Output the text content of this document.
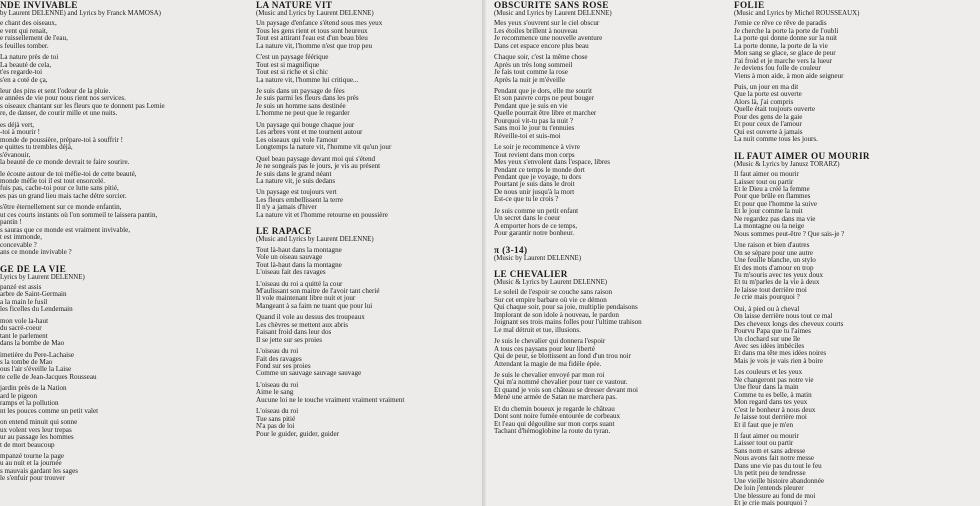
NDE INVIVABLE
by Laurent DELENNE) and Lyrics by Franck MAMOSA)
e chant des oiseaux,
e vent qui renait,
e ruissellement de l'eau,
s feuilles tomber.
La nature près de toi
La beauté de cela,
t'es regarde-toi
s'en a coté de ça,
leur des pins et sent l'odeur de la pluie.
e années de vie pour nous rient nos services.
s oiseaux chantant sur les fleurs que te donnent pas Lemie
re, de danser, de courir mille et une nuits.
es déjà vert,
-toi à mourir !
monde de poussière, prépare-toi à souffrir !
e quittes tu trembles déjà,
s'évanouir,
la beauté de ce monde devrait te faire sourire.
le écoute autour de toi méfie-toi de cette beauté,
monde méfie toi il est tout ensorcelé.
fuis pas, cache-toi pour ce lutte sans pitié,
es pas un grand lieu mais tache détre sorcier.
s'être éternellement sur ce monde enfantin,
ut ces courts instants où l'on sommeil te laissera pantin,
pantin !
s sauras que ce monde est vraiment invivable,
t est immonde,
concevable ?
ans ce monde invivable ?
GE DE LA VIE
Lyrics by Laurent DELENNE)
panzé est assis
arbre de Saint-Germain
a la main le fusil
les ficelles du Lendemain
mon vole la-haut
du sacré-coeur
tant le parlement
dans la bombe de Mao
imetière du Pere-Lachaise
s la tombe de Mao
ous l'air s'éveille la Laise
te celle de Jean-Jacques Rousseau
jardin près de la Nation
ard le pigeon
ramps et la pollution
nt les pouces comme un petit valet
on entend minuit qui sonne
ux volent vers leur trepas
ur au passage les hommes
t de mort beaucoup
mpanzé tourne la page
u au nuit et la journée
s mauvais gardant les sages
le s'enfuir pour trouver
LA NATURE VIT
(Music and Lyrics by Laurent DELENNE)
Un paysage d'enfance s'étend sous mes yeux
Tous les gens rient et tous sont heureux
Tout est attirant l'eau est d'un beau bleu
La nature vit, l'homme n'est que trop peu
C'est un paysage féérique
Tout est si magnifique
Tout est si riche et si chic
La nature vit, l'homme lui critique...
Je suis dans un paysage de fées
Je suis parmi les fleurs dans les prés
Je suis un homme sans destinée
L'homme ne peut que le regarder
Un paysage qui bouge chaque jour
Les arbres vont et me tournent autour
Les oiseaux qui vole l'amour
Longtemps la nature vit, l'homme vit qu'un jour
Quel beau paysage devant moi qui s'étend
Je ne songeais pas le jours, je vis au présent
Je suis dans le grand néant
La nature vit, je suis dedans
Un paysage est toujours vert
Les fleurs embellissent la terre
Il n'y a jamais d'hiver
La nature vit et l'homme retourne en poussière
LE RAPACE
(Music and Lyrics by Laurent DELENNE)
Tout là-haut dans la montagne
Vole un oiseau sauvage
Tout là-haut dans la montagne
L'oiseau fait des ravages
L'oiseau du roi a quitté la cour
M'aulissant son maitre de l'avoir tant cherié
Il vole maintenant libre nuit et jour
Mangeant à sa faim ne tuant que pour lui
Quand il vole au dessus des troupeaux
Les chèvres se mettent aux abris
Faisant froid dans leur dos
Il se jette sur ses proies
L'oiseau du roi
Fait des ravages
Fond sur ses proies
Comme un sauvage sauvage sauvage
L'oiseau du roi
Aime le sang
Aucune loi ne le touche vraiment vraiment vraiment
L'oiseau du roi
Tue sans pitié
N'a pas de loi
Pour le guider, guider, guider
OBSCURITE SANS ROSE
(Music and Lyrics by Laurent DELENNE)
Mes yeux s'ouvrent sur le ciel obscur
Les étoiles brillent à nouveau
Je recommence une nouvelle aventure
Dans cet espace encore plus beau
Chaque soir, c'est la même chose
Après un très long sommeil
Je fais tout comme la rose
Après la nuit je m'éveille
Pendant que je dors, elle me sourit
Et son pauvre corps ne peut bouger
Pendant que je suis en vie
Quelle pourrait être libre et marcher
Pourquoi vit-tu pas la nuit ?
Sans moi le jour tu t'ennuies
Réveille-toi et suis-moi
Le soir je recommence à vivre
Tout revient dans mon corps
Mes yeux s'envolent dans l'espace, libres
Pendant ce temps le monde dort
Pendant que je voyage, tu dors
Pourtant je suis dans le droit
De nous unir jusqu'à la mort
Est-ce que tu le crois ?
Je suis comme un petit enfant
Un secret dans le coeur
A emporter hors de ce temps,
Pour garantir notre bonheur.
π (3-14)
(Music by Laurent DELENNE)
LE CHEVALIER
(Music & Lyrics by Laurent DELENNE)
Le soleil de l'espoir se couche sans raison
Sur cet empire barbare où vie ce démon
Qui chaque soir, pour sa joie, multiplie pendaisons
Implorant de son idole à nouveau, le pardon
Joignant ses trois mains folles pour l'ultime trahison
Le mal détruit et tue, illusions.
Je suis le chevalier qui donnera l'espoir
A tous ces paysans pour leur liberté
Qui de peur, se blottissent au fond d'un trou noir
Attendant la magie de ma fidèle épée.
Je suis le chevalier envoyé par mon roi
Qui m'a nommé chevalier pour tuer ce vautour.
Et quand je vois son château se dresser devant moi
Mené une armée de Satan ne marchera pas.
Et du chemin boueux je regarde le château
Dont sont noire fumée entourée de corbeaux
Et l'eau qui dégouline sur mon corps suant
Tachant d'hémoglobine la route du tyran.
FOLIE
(Music and Lyrics by Michel ROUSSEAUX)
J'emie ce rêve ce rêve de paradis
Je cherche la porte la porte de l'oubli
La porte qui donne donne sur la nuit
La porte donne, la porte de la vie
Mon sang se glace, se glace de peur
J'ai froid et je marche vers la lueur
Je deviens fou folle de couleur
Viens à mon aide, à mon aide seigneur
Puis, un jour en ma dit
Que la porte est ouverte
Alors là, j'ai compris
Quelle était toujours ouverte
Pour des gens de la gaie
Et pour ceux de l'amour
Qui est ouverte à jamais
La nuit comme tous les jours.
IL FAUT AIMER OU MOURIR
(Music & Lyrics by Janusz TORARZ)
Il faut aimer ou mourir
Laisser tout ou partir
Et le Dieu a créé la femme
Pour que brûle en flammes
Et pour que l'homme la suive
Et le jour comme la nuit
Ne regardez pas dans ma vie
La montagne ou la neige
Nous sommes peut-être ? Que sais-je ?
Une raison et bien d'autres
On se sépare pour une autre
Une feuille blanche, un stylo
Et des mots d'amour en trop
Tu m'souris avec tes yeux doux
Et tu m'parles de la vie à deux
Je laisse tout derrière moi
Je crie mais pourquoi ?
Oui, à pied ou à cheval
On laisse derrière nous tout ce mal
Des cheveux longs des cheveux courts
Pourvu Papa que tu l'aimes
Un clochard sur une île
Avec ses idées imbéciles
Et dans ma tête mes idées noires
Mais je vois je vais rien à boire
Les couleurs et les yeux
Ne changeront pas notre vie
Une fleur dans la main
Comme tu es belle, à matin
Mon regard dans tes yeux
C'est le bonheur à nous deux
Je laisse tout derrière moi
Et il faut que je m'en
Il faut aimer ou mourir
Laisser tout ou partir
Sans nom et sans adresse
Nous avons fait notre messe
Dans une vie pas du tout le feu
Un petit peu de tendresse
Une vieille histoire abandonnée
De loin j'entends pleurer
Une blessure au fond de moi
Et je crie mais pourquoi ?
